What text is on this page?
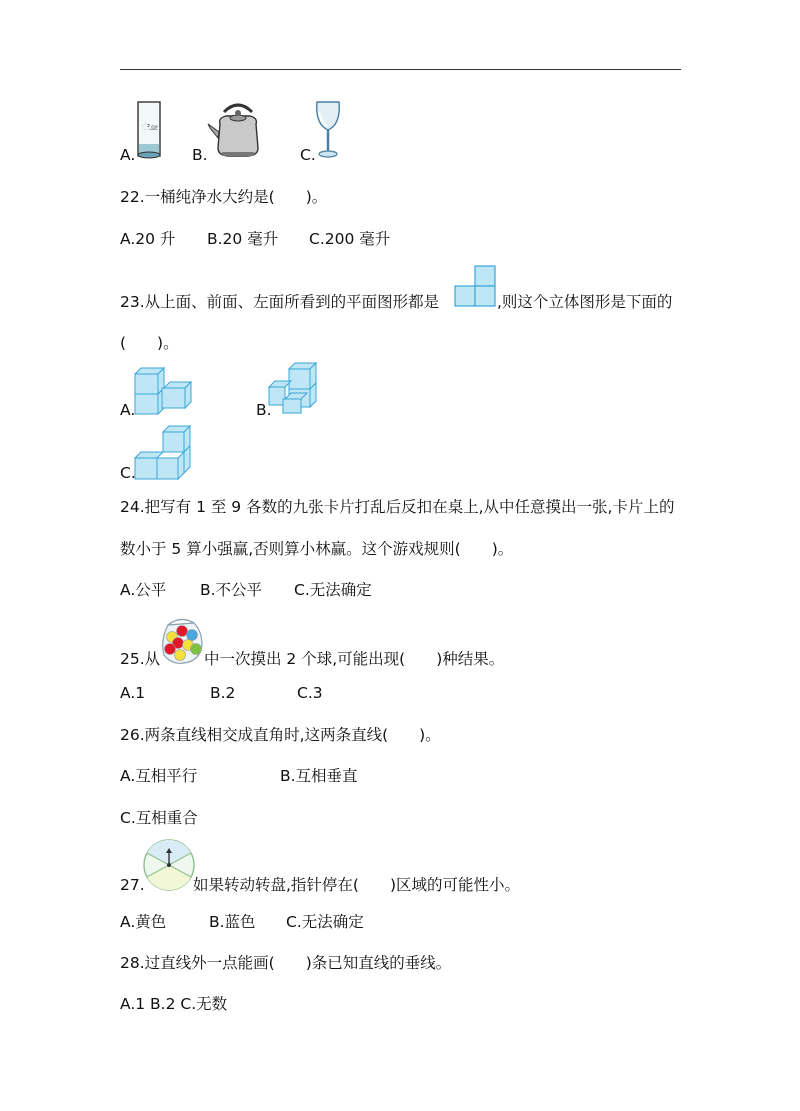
ೋ
A.	B.	C.
22.一桶纯净水大约是(　　)。
A.20 升 B.20 毫升 C.200 毫升
23.从上面、前面、左面所看到的平面图形都是	,则这个立体图形是下面的
(　　)。
A.	B.
C.
24.把写有 1 至 9 各数的九张卡片打乱后反扣在桌上,从中任意摸出一张,卡片上的
数小于 5 算小强赢,否则算小林赢。这个游戏规则(　　)。
A.公平 B.不公平 C.无法确定
25.从	中一次摸出 2 个球,可能出现(　　)种结果。
A.1	B.2	C.3
26.两条直线相交成直角时,这两条直线(　　)。
A.互相平行	B.互相垂直
C.互相重合
27.	如果转动转盘,指针停在(　　)区域的可能性小。
A.黄色	B.蓝色 C.无法确定
28.过直线外一点能画(　　)条已知直线的垂线。
A.1 B.2 C.无数
